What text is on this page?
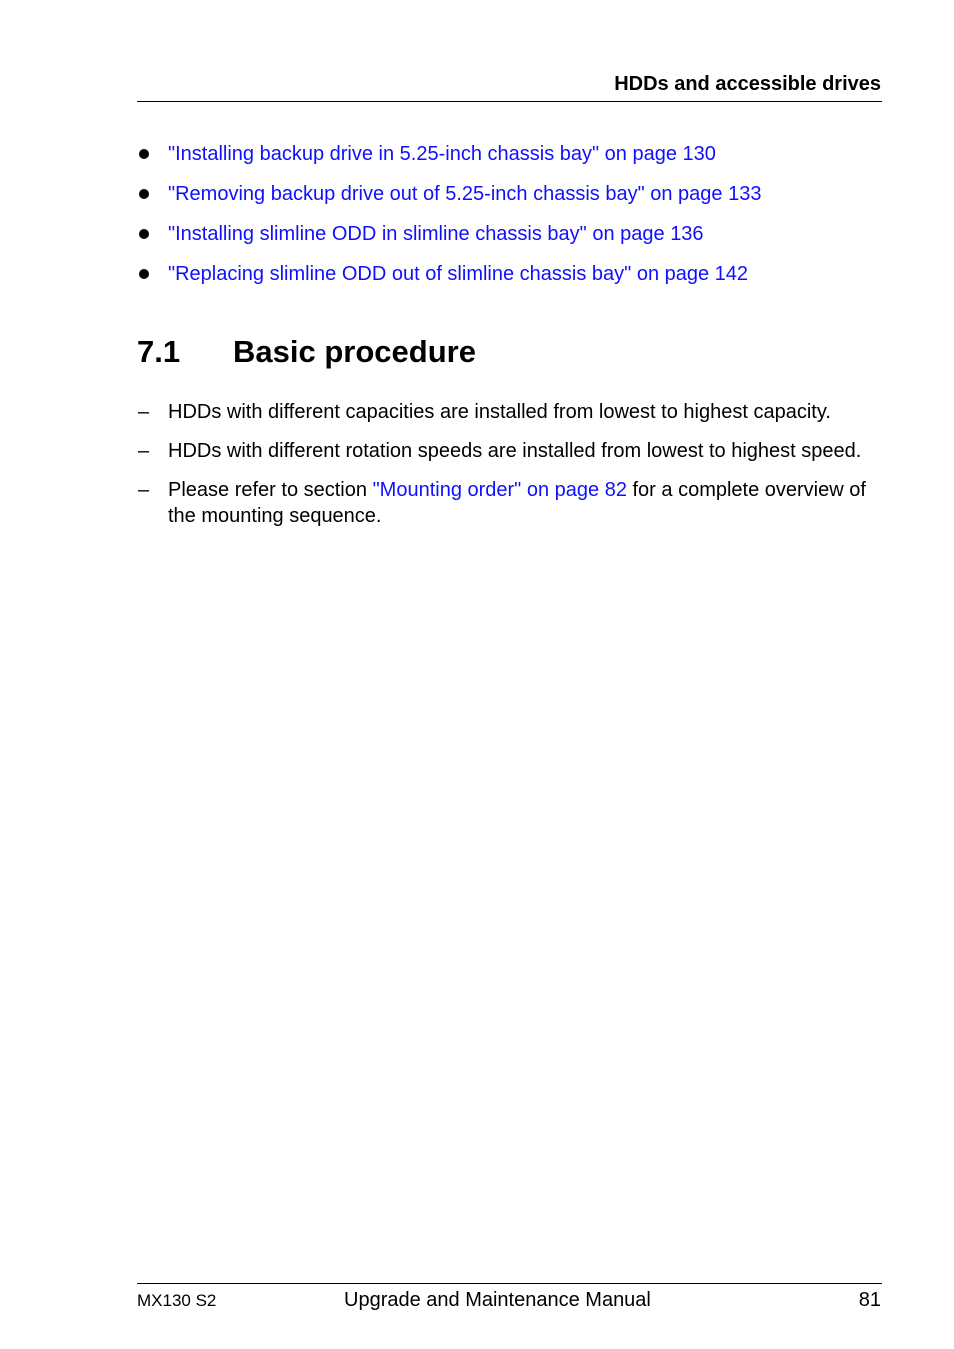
HDDs and accessible drives
"Installing backup drive in 5.25-inch chassis bay" on page 130
"Removing backup drive out of 5.25-inch chassis bay" on page 133
"Installing slimline ODD in slimline chassis bay" on page 136
"Replacing slimline ODD out of slimline chassis bay" on page 142
7.1 Basic procedure
– HDDs with different capacities are installed from lowest to highest capacity.
– HDDs with different rotation speeds are installed from lowest to highest speed.
– Please refer to section "Mounting order" on page 82 for a complete overview of the mounting sequence.
MX130 S2	Upgrade and Maintenance Manual	81
